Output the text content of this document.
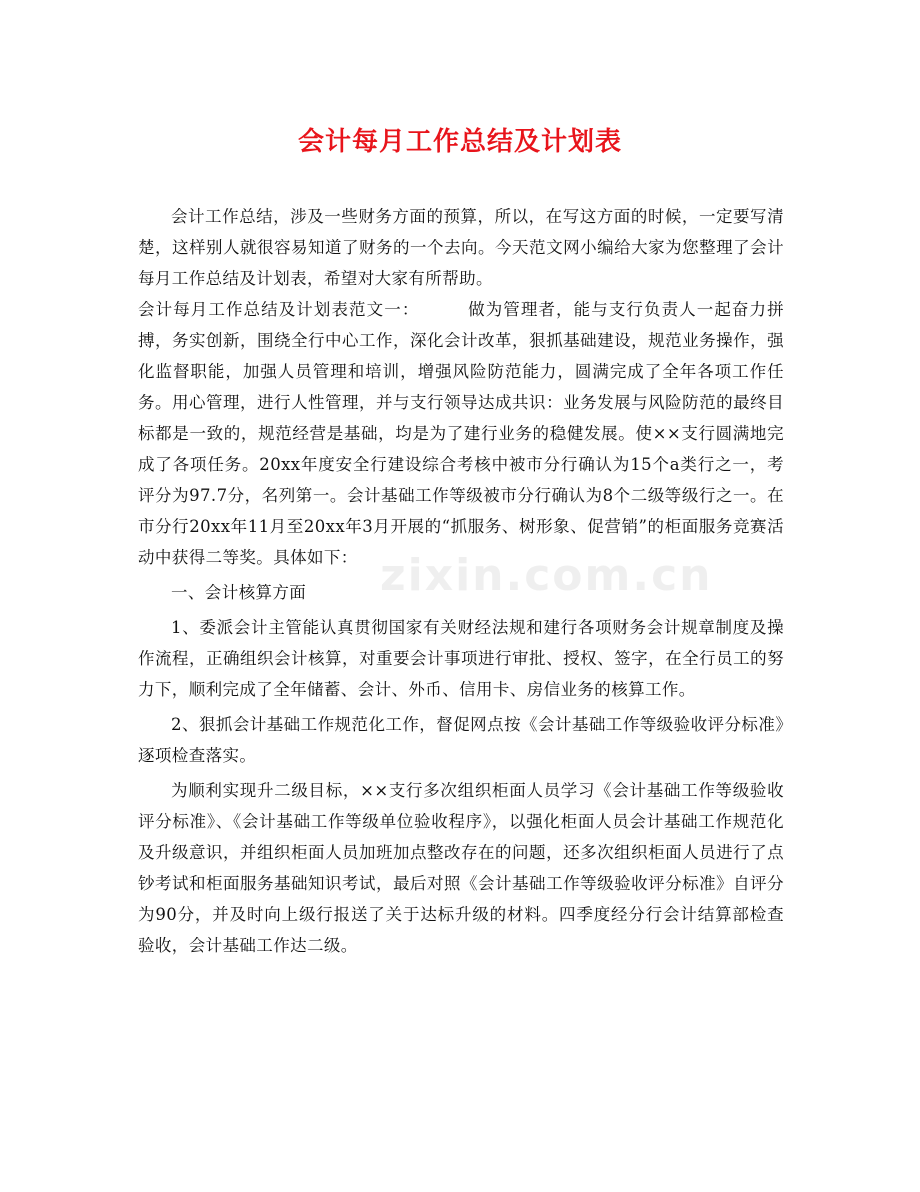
会计每月工作总结及计划表
zixin.com.cn

会计工作总结，涉及一些财务方面的预算，所以，在写这方面的时候，一定要写清楚，这样别人就很容易知道了财务的一个去向。今天范文网小编给大家为您整理了会计每月工作总结及计划表，希望对大家有所帮助。

会计每月工作总结及计划表范文一：	做为管理者，能与支行负责人一起奋力拼搏，务实创新，围绕全行中心工作，深化会计改革，狠抓基础建设，规范业务操作，强化监督职能，加强人员管理和培训，增强风险防范能力，圆满完成了全年各项工作任务。用心管理，进行人性管理，并与支行领导达成共识：业务发展与风险防范的最终目标都是一致的，规范经营是基础，均是为了建行业务的稳健发展。使××支行圆满地完成了各项任务。20xx年度安全行建设综合考核中被市分行确认为15个a类行之一，考评分为97.7分，名列第一。会计基础工作等级被市分行确认为8个二级等级行之一。在市分行20xx年11月至20xx年3月开展的“抓服务、树形象、促营销”的柜面服务竞赛活动中获得二等奖。具体如下：

一、会计核算方面

1、委派会计主管能认真贯彻国家有关财经法规和建行各项财务会计规章制度及操作流程，正确组织会计核算，对重要会计事项进行审批、授权、签字，在全行员工的努力下，顺利完成了全年储蓄、会计、外币、信用卡、房信业务的核算工作。

2、狠抓会计基础工作规范化工作，督促网点按《会计基础工作等级验收评分标准》逐项检查落实。

为顺利实现升二级目标，××支行多次组织柜面人员学习《会计基础工作等级验收评分标准》、《会计基础工作等级单位验收程序》，以强化柜面人员会计基础工作规范化及升级意识，并组织柜面人员加班加点整改存在的问题，还多次组织柜面人员进行了点钞考试和柜面服务基础知识考试，最后对照《会计基础工作等级验收评分标准》自评分为90分，并及时向上级行报送了关于达标升级的材料。四季度经分行会计结算部检查验收，会计基础工作达二级。
